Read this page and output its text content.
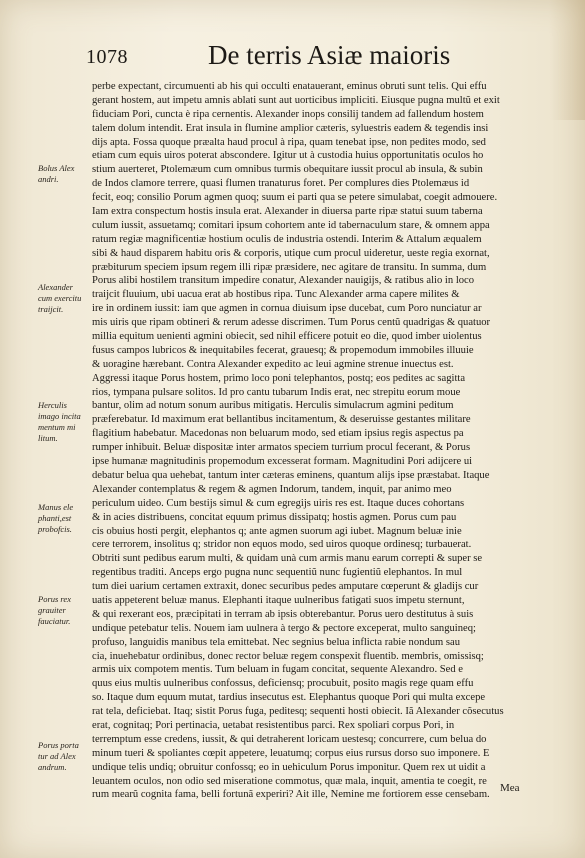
1078	De terris Asiæ maioris
Bolus Alex
andri.
Alexander
cum exercitu
traijcit.
Herculis
imago incita
mentum mi
litum.
Manus ele
phanti,est
probofcis.
Porus rex
grauiter
fauciatur.
Porus porta
tur ad Alex
andrum.
perbe expectant, circumuenti ab his qui occulti enatauerant, eminus obruti sunt telis. Qui effu
gerant hostem, aut impetu amnis ablati sunt aut uorticibus impliciti. Eiusque pugna multũ et exit
fiduciam Pori, cuncta è ripa cernentis. Alexander inops consilij tandem ad fallendum hostem
talem dolum intendit. Erat insula in flumine amplior cæteris, syluestris eadem & tegendis insi
dijs apta. Fossa quoque præalta haud procul à ripa, quam tenebat ipse, non pedites modo, sed
etiam cum equis uiros poterat abscondere. Igitur ut à custodia huius opportunitatis oculos ho
stium auerteret, Ptolemæum cum omnibus turmis obequitare iussit procul ab insula, & subin
de Indos clamore terrere, quasi flumen tranaturus foret. Per complures dies Ptolemæus id
fecit, eoq; consilio Porum agmen quoq; suum ei parti qua se petere simulabat, coegit admouere.
Iam extra conspectum hostis insula erat. Alexander in diuersa parte ripæ statui suum taberna
culum iussit, assuetamq; comitari ipsum cohortem ante id tabernaculum stare, & omnem appa
ratum regiæ magnificentiæ hostium oculis de industria ostendi. Interim & Attalum æqualem
sibi & haud disparem habitu oris & corporis, utique cum procul uideretur, ueste regia exornat,
præbiturum speciem ipsum regem illi ripæ præsidere, nec agitare de transitu. In summa, dum
Porus alibi hostilem transitum impedire conatur, Alexander nauigijs, & ratibus alio in loco
traijcit fluuium, ubi uacua erat ab hostibus ripa. Tunc Alexander arma capere milites &
ire in ordinem iussit: iam que agmen in cornua diuisum ipse ducebat, cum Poro nunciatur ar
mis uiris que ripam obtineri & rerum adesse discrimen. Tum Porus centũ quadrigas & quatuor
millia equitum uenienti agmini obiecit, sed nihil efficere potuit eo die, quod imber uiolentus
fusus campos lubricos & inequitabiles fecerat, grauesq; & propemodum immobiles illuuie
& uoragine hærebant. Contra Alexander expedito ac leui agmine strenue inuectus est.
Aggressi itaque Porus hostem, primo loco poni telephantos, postq; eos pedites ac sagitta
rios, tympana pulsare solitos. Id pro cantu tubarum Indis erat, nec strepitu eorum moue
bantur, olim ad notum sonum auribus mitigatis. Herculis simulacrum agmini peditum
præferebatur. Id maximum erat bellantibus incitamentum, & deseruisse gestantes militare
flagitium habebatur. Macedonas non beluarum modo, sed etiam ipsius regis aspectus pa
rumper inhibuit. Beluæ dispositæ inter armatos speciem turrium procul fecerant, & Porus
ipse humanæ magnitudinis propemodum excesserat formam. Magnitudini Pori adijcere ui
debatur belua qua uehebat, tantum inter cæteras eminens, quantum alijs ipse præstabat. Itaque
Alexander contemplatus & regem & agmen Indorum, tandem, inquit, par animo meo
periculum uideo. Cum bestijs simul & cum egregijs uiris res est. Itaque duces cohortans
& in acies distribuens, concitat equum primus dissipatq; hostis agmen. Porus cum pau
cis obuius hosti pergit, elephantos q; ante agmen suorum agi iubet. Magnum beluæ inie
cere terrorem, insolitus q; stridor non equos modo, sed uiros quoque ordinesq; turbauerat.
Obtriti sunt pedibus earum multi, & quidam unà cum armis manu earum correpti & super se
regentibus traditi. Anceps ergo pugna nunc sequentiũ nunc fugientiũ elephantos. In mul
tum diei uarium certamen extraxit, donec securibus pedes amputare cœperunt & gladijs cur
uatis appeterent beluæ manus. Elephanti itaque uulneribus fatigati suos impetu sternunt,
& qui rexerant eos, præcipitati in terram ab ipsis obterebantur. Porus uero destitutus à suis
undique petebatur telis. Nouem iam uulnera à tergo & pectore exceperat, multo sanguineq;
profuso, languidis manibus tela emittebat. Nec segnius belua inflicta rabie nondum sau
cia, inuehebatur ordinibus, donec rector beluæ regem conspexit fluentib. membris, omissisq;
armis uix compotem mentis. Tum beluam in fugam concitat, sequente Alexandro. Sed e
quus eius multis uulneribus confossus, deficiensq; procubuit, posito magis rege quam effu
so. Itaque dum equum mutat, tardius insecutus est. Elephantus quoque Pori qui multa excepe
rat tela, deficiebat. Itaq; sistit Porus fuga, peditesq; sequenti hosti obiecit. Iã Alexander cõsecutus
erat, cognitaq; Pori pertinacia, uetabat resistentibus parci. Rex spoliari corpus Pori, in
terremptum esse credens, iussit, & qui detraherent loricam uestesq; concurrere, cum belua do
minum tueri & spoliantes cœpit appetere, leuatumq; corpus eius rursus dorso suo imponere. E
undique telis undiq; obruitur confossq; eo in uehiculum Porus imponitur. Quem rex ut uidit a
leuantem oculos, non odio sed miseratione commotus, quæ mala, inquit, amentia te coegit, re
rum mearũ cognita fama, belli fortunã experiri? Ait ille, Nemine me fortiorem esse censebam.
Mea
